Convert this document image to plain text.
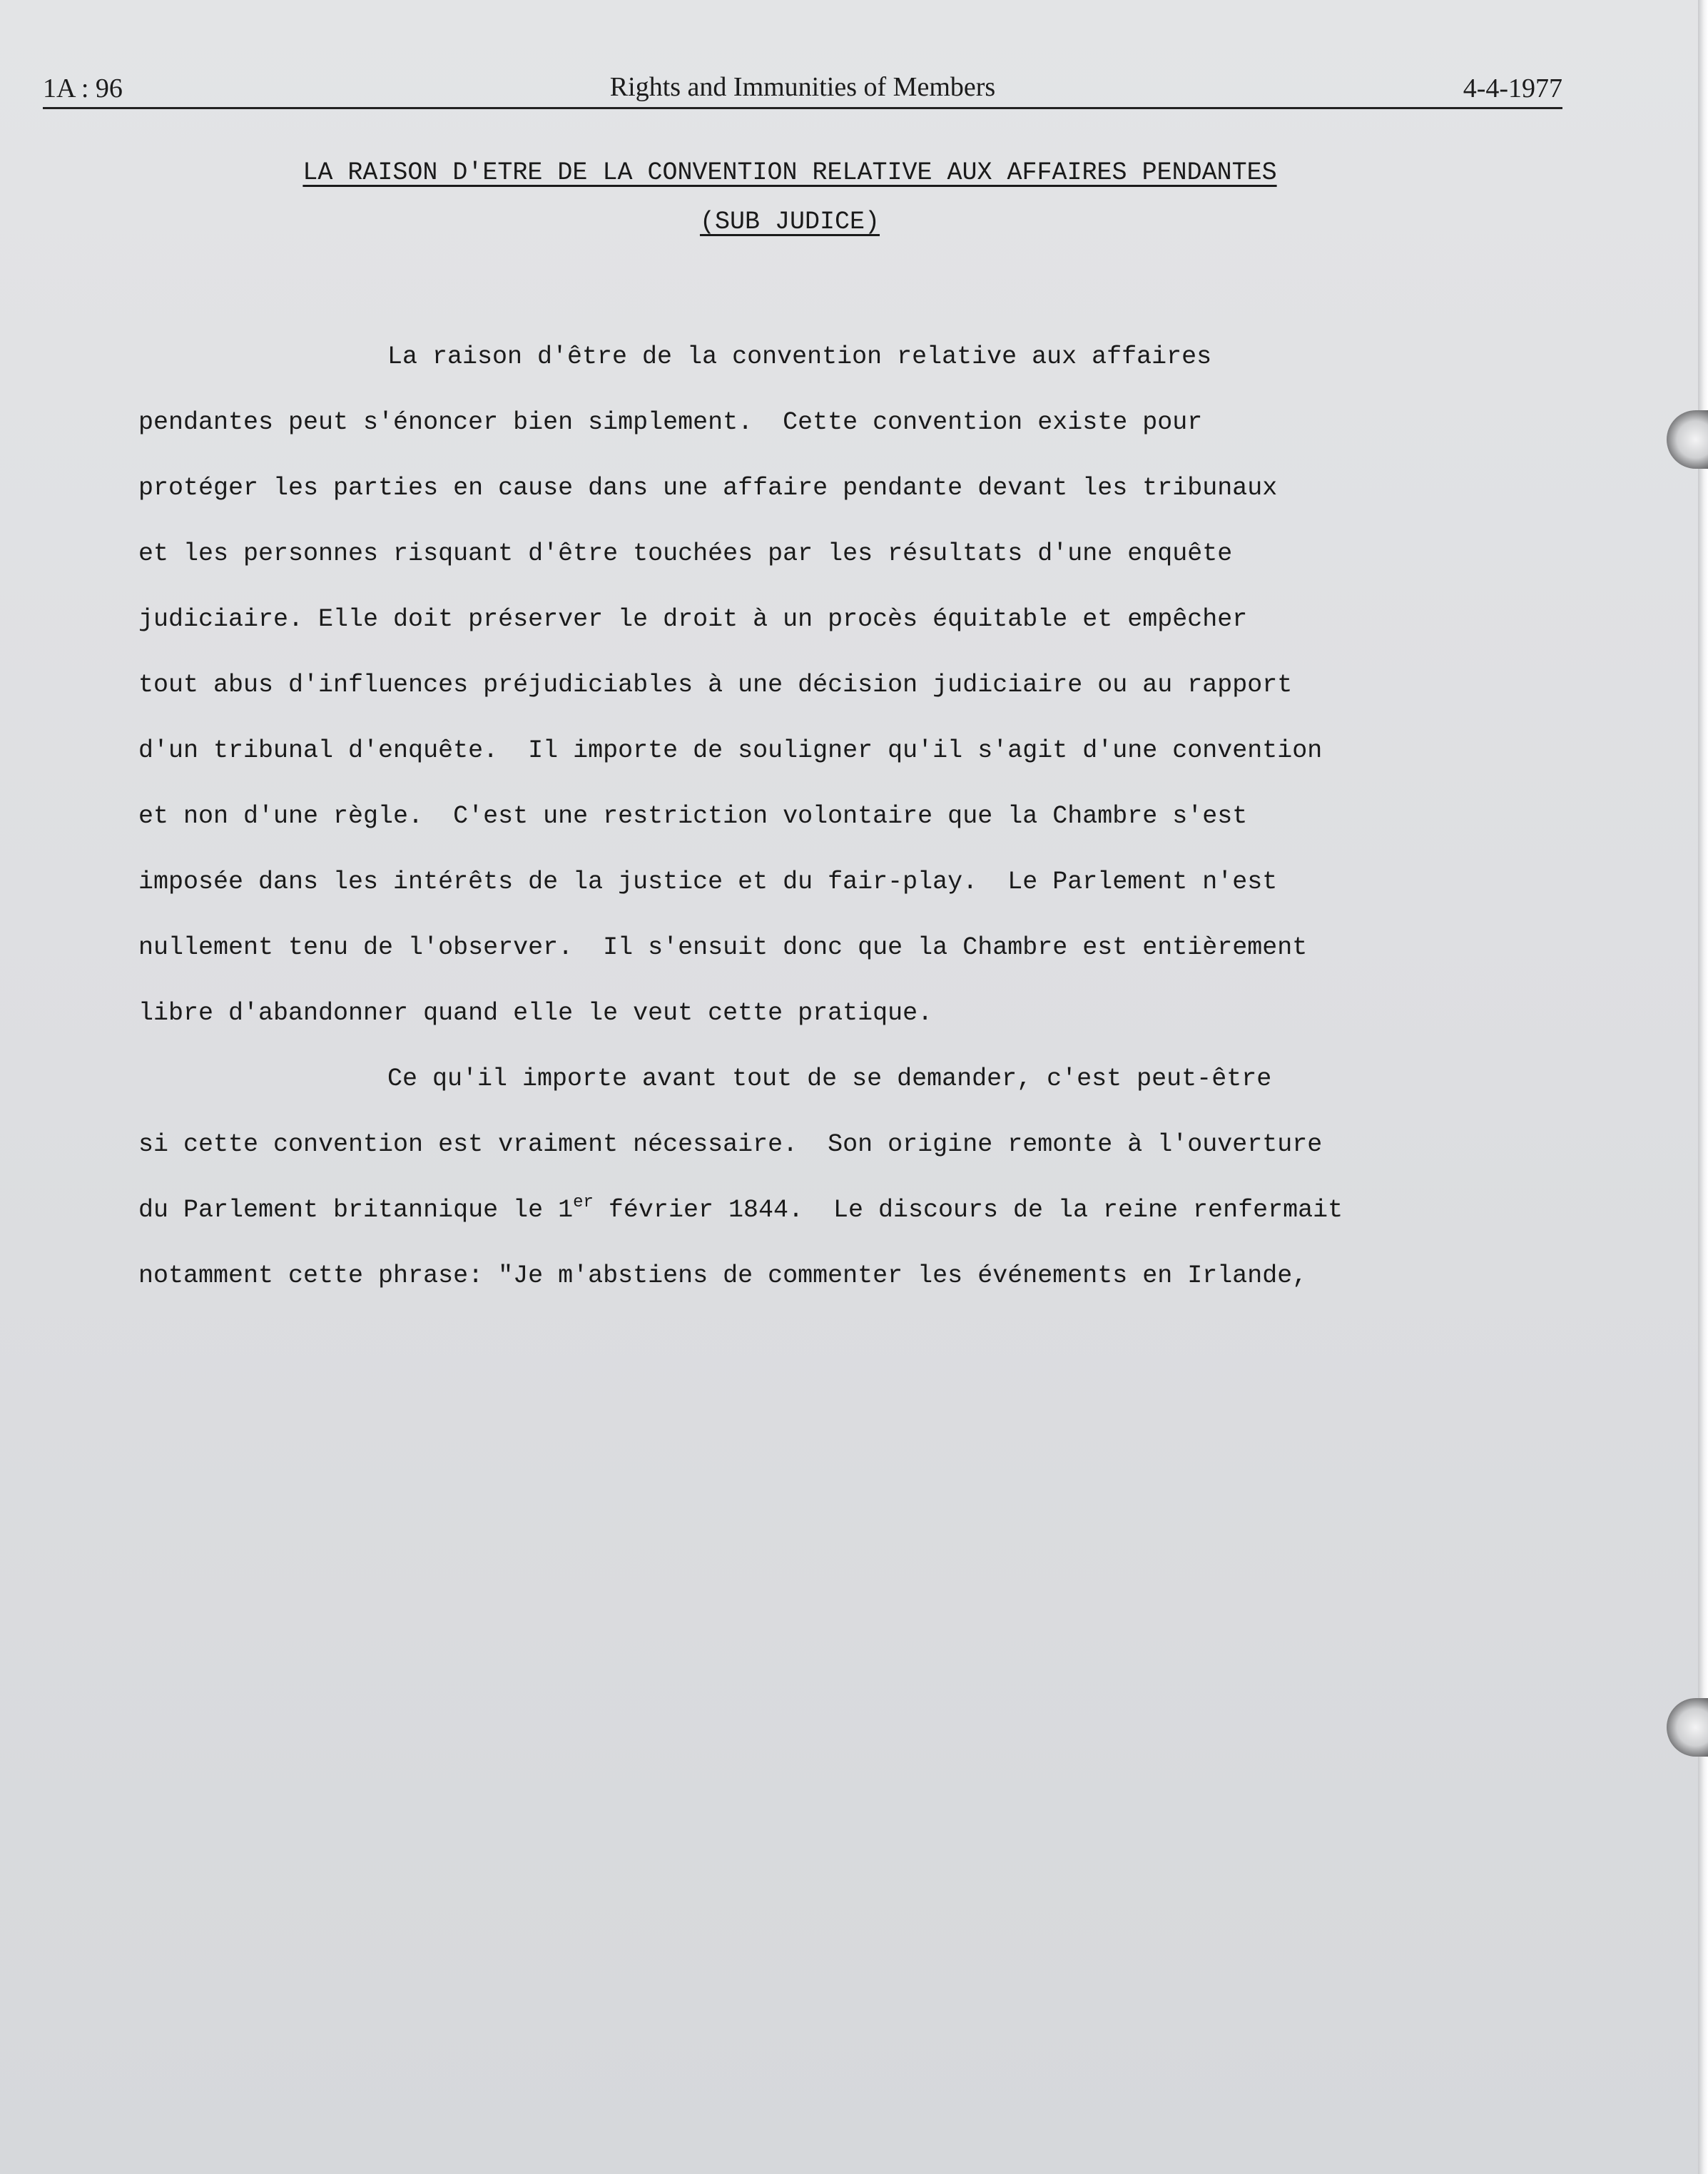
1A : 96	Rights and Immunities of Members	4-4-1977
LA RAISON D'ETRE DE LA CONVENTION RELATIVE AUX AFFAIRES PENDANTES
(SUB JUDICE)
La raison d'être de la convention relative aux affaires
pendantes peut s'énoncer bien simplement.  Cette convention existe pour
protéger les parties en cause dans une affaire pendante devant les tribunaux
et les personnes risquant d'être touchées par les résultats d'une enquête
judiciaire. Elle doit préserver le droit à un procès équitable et empêcher
tout abus d'influences préjudiciables à une décision judiciaire ou au rapport
d'un tribunal d'enquête.  Il importe de souligner qu'il s'agit d'une convention
et non d'une règle.  C'est une restriction volontaire que la Chambre s'est
imposée dans les intérêts de la justice et du fair-play.  Le Parlement n'est
nullement tenu de l'observer.  Il s'ensuit donc que la Chambre est entièrement
libre d'abandonner quand elle le veut cette pratique.
Ce qu'il importe avant tout de se demander, c'est peut-être
si cette convention est vraiment nécessaire.  Son origine remonte à l'ouverture
du Parlement britannique le 1er février 1844.  Le discours de la reine renfermait
notamment cette phrase: "Je m'abstiens de commenter les événements en Irlande,
